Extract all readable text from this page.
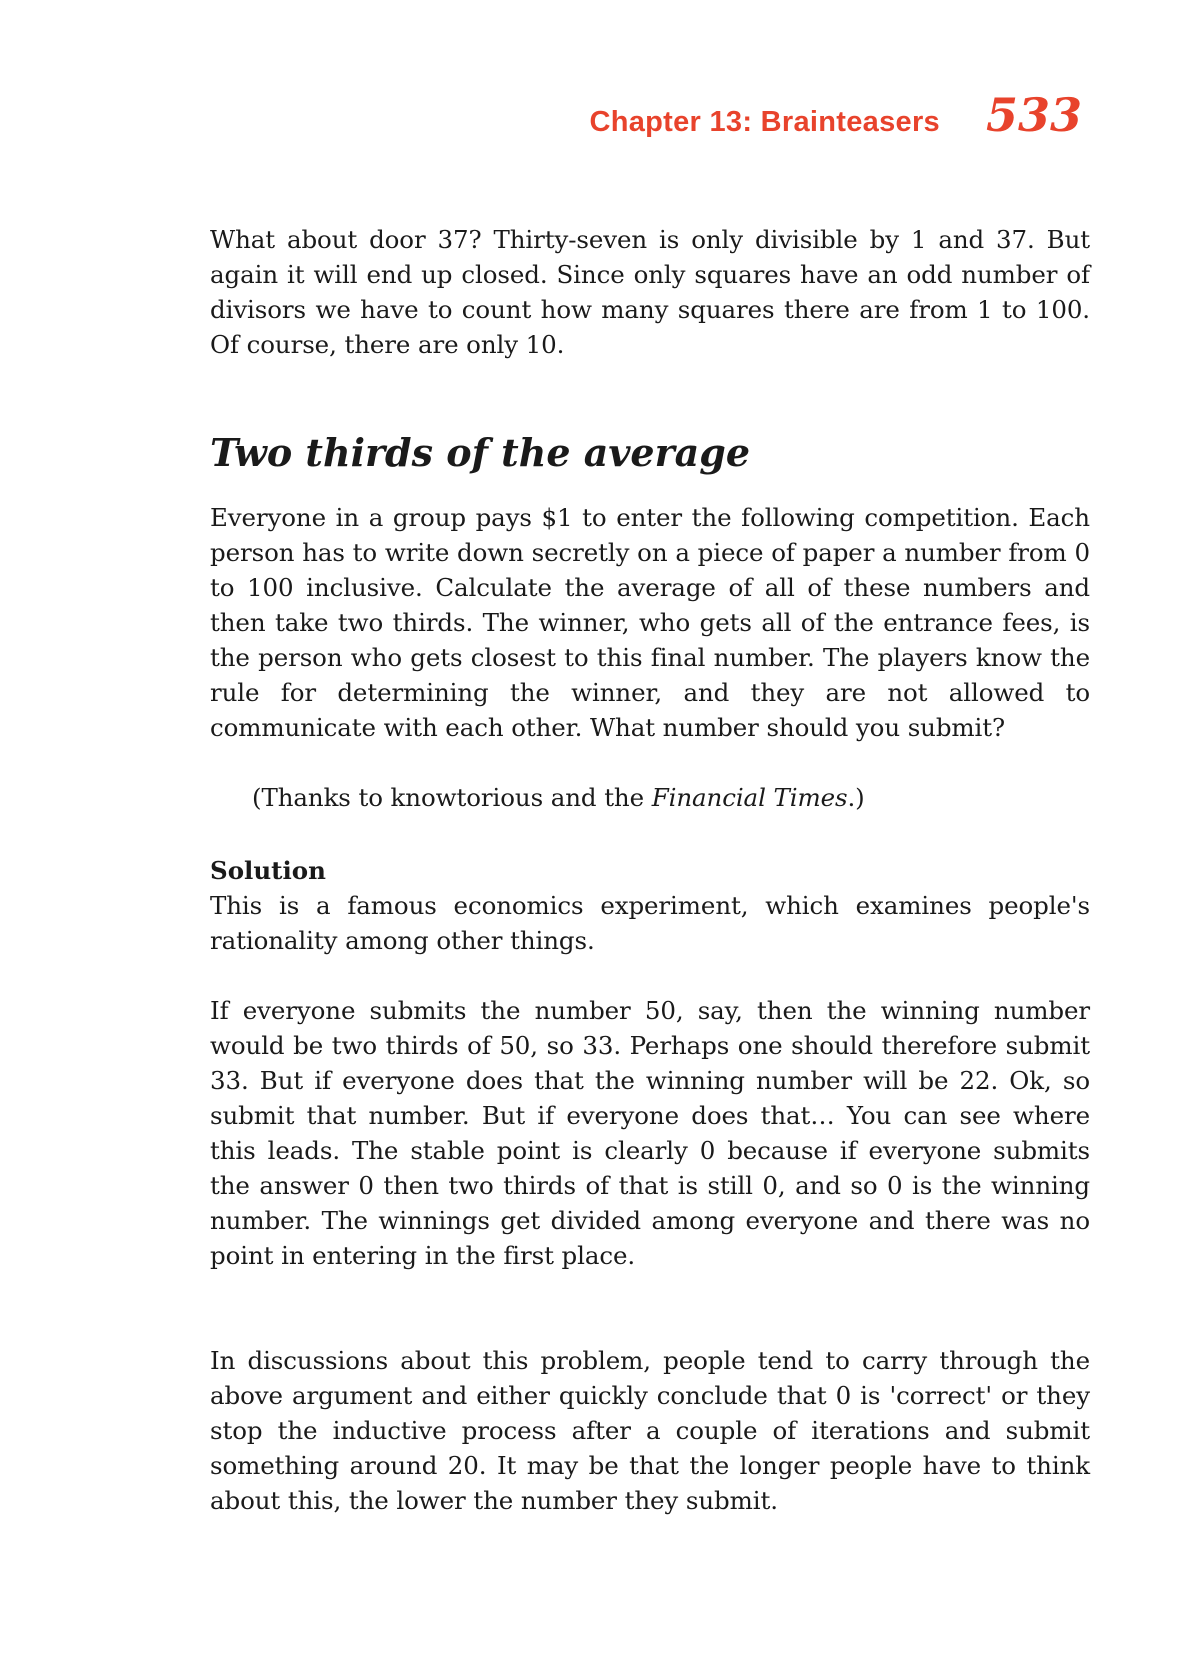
Chapter 13: Brainteasers 533

What about door 37? Thirty-seven is only divisible by 1 and 37. But again it will end up closed. Since only squares have an odd number of divisors we have to count how many squares there are from 1 to 100. Of course, there are only 10.

Two thirds of the average

Everyone in a group pays $1 to enter the following competition. Each person has to write down secretly on a piece of paper a number from 0 to 100 inclusive. Calculate the average of all of these numbers and then take two thirds. The winner, who gets all of the entrance fees, is the person who gets closest to this final number. The players know the rule for determining the winner, and they are not allowed to communicate with each other. What number should you submit?

(Thanks to knowtorious and the Financial Times.)

Solution

This is a famous economics experiment, which examines people's rationality among other things.

If everyone submits the number 50, say, then the winning number would be two thirds of 50, so 33. Perhaps one should therefore submit 33. But if everyone does that the winning number will be 22. Ok, so submit that number. But if everyone does that… You can see where this leads. The stable point is clearly 0 because if everyone submits the answer 0 then two thirds of that is still 0, and so 0 is the winning number. The winnings get divided among everyone and there was no point in entering in the first place.

In discussions about this problem, people tend to carry through the above argument and either quickly conclude that 0 is 'correct' or they stop the inductive process after a couple of iterations and submit something around 20. It may be that the longer people have to think about this, the lower the number they submit.
